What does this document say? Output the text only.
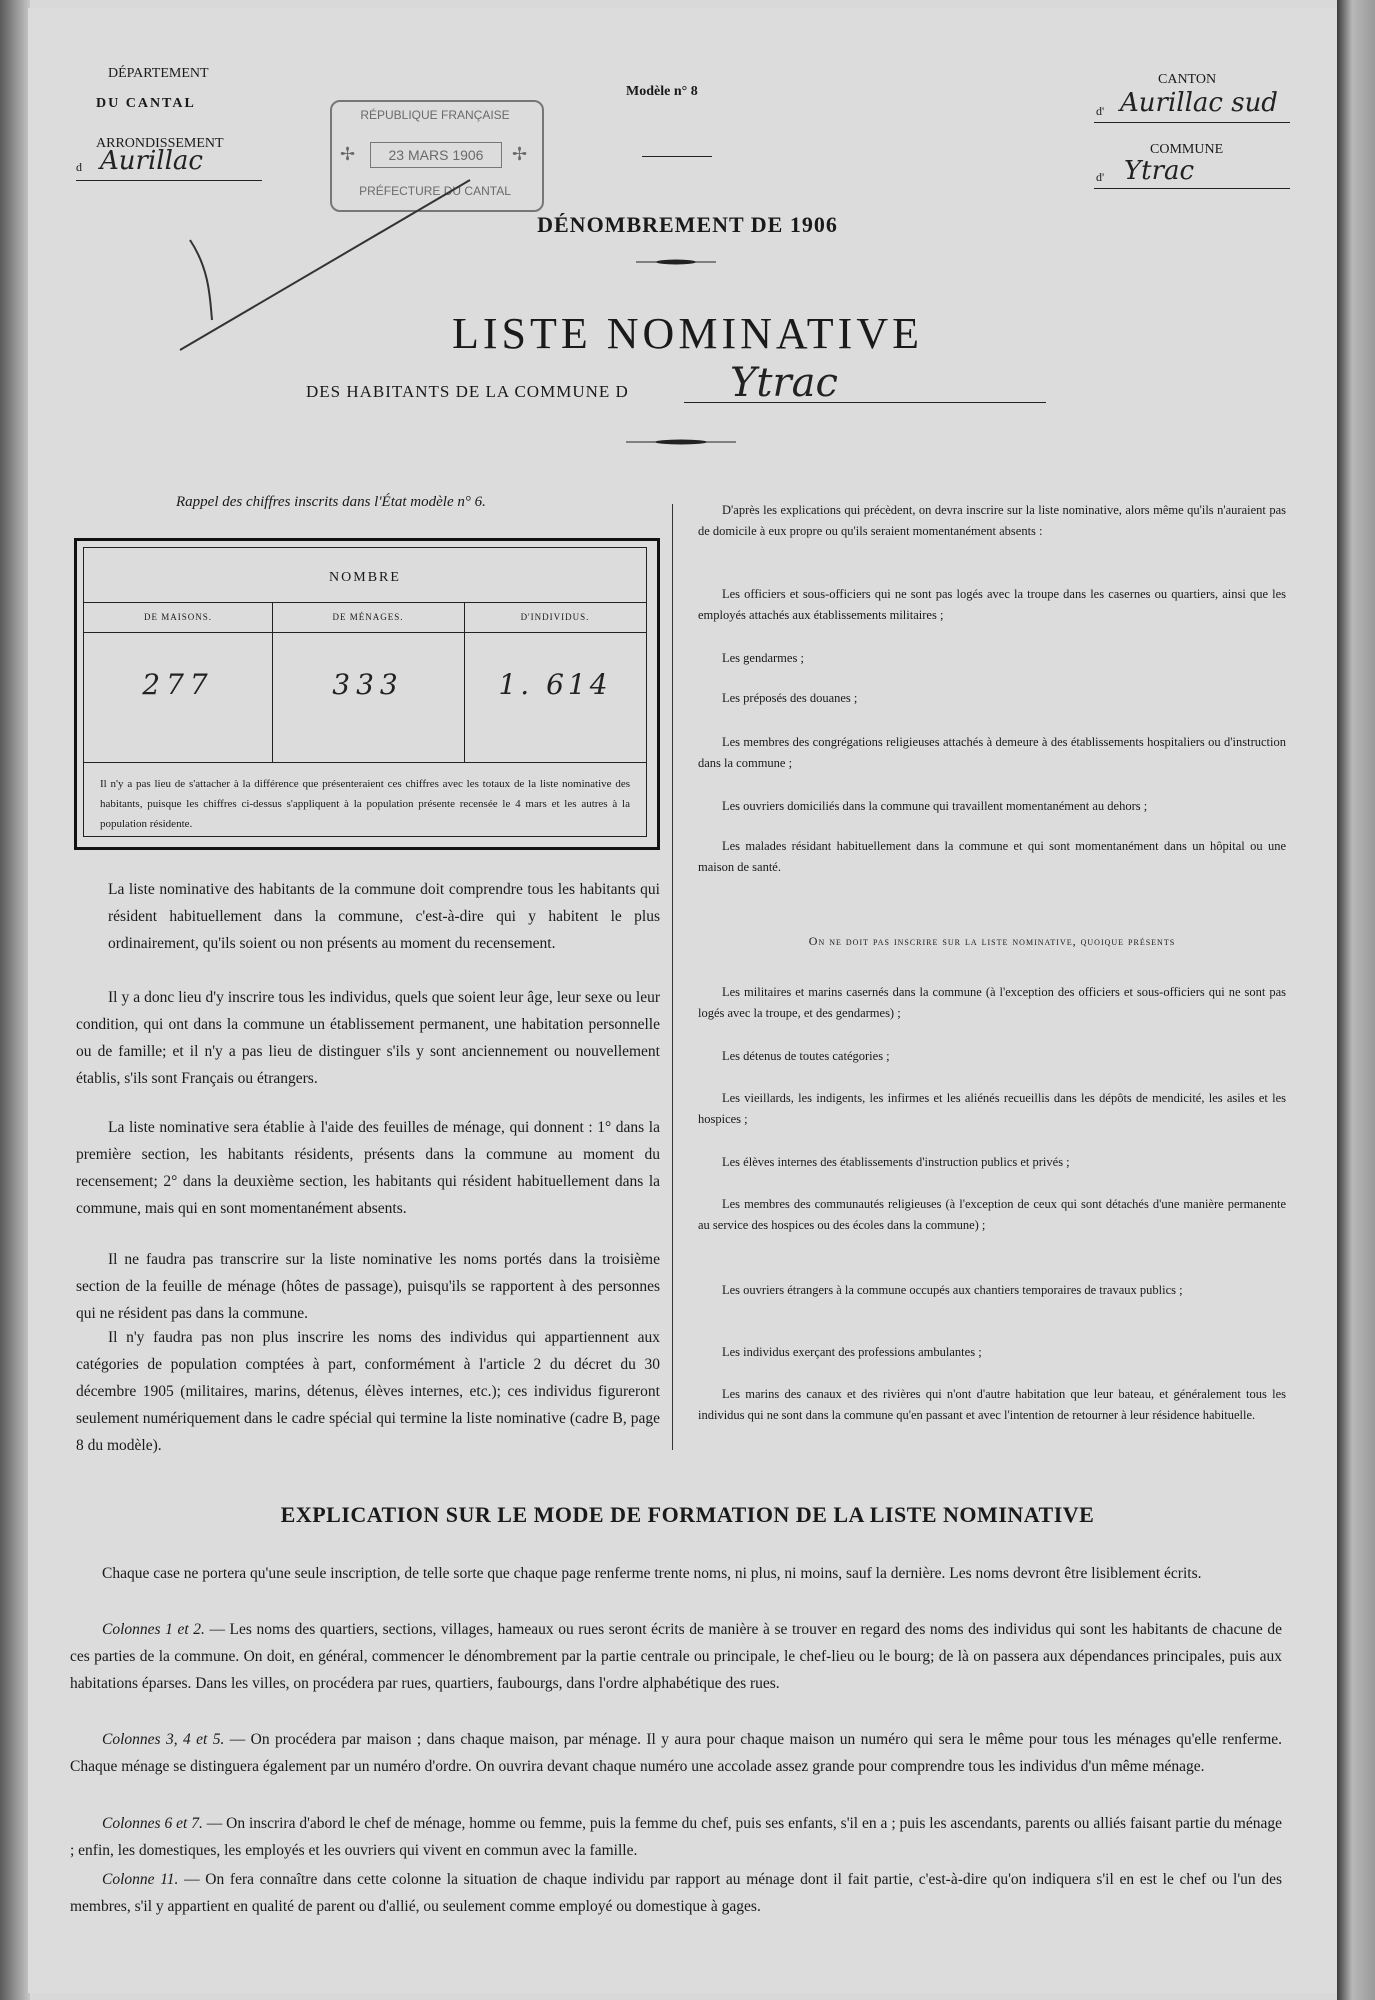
DÉPARTEMENT
DU CANTAL
ARRONDISSEMENT
d Aurillac
Modèle n° 8
CANTON
d' Aurillac sud
COMMUNE
d' Ytrac
RÉPUBLIQUE FRANÇAISE
✢	23 MARS 1906	✢
PRÉFECTURE DU CANTAL
DÉNOMBREMENT DE 1906
LISTE NOMINATIVE
DES HABITANTS DE LA COMMUNE D	Ytrac
Rappel des chiffres inscrits dans l'État modèle n° 6.
NOMBRE
DE MAISONS.	DE MÉNAGES.	D'INDIVIDUS.
277	333	1. 614
Il n'y a pas lieu de s'attacher à la différence que présenteraient ces chiffres avec les totaux de la liste nominative des habitants, puisque les chiffres ci-dessus s'appliquent à la population présente recensée le 4 mars et les autres à la population résidente.
La liste nominative des habitants de la commune doit comprendre tous les habitants qui résident habituellement dans la commune, c'est-à-dire qui y habitent le plus ordinairement, qu'ils soient ou non présents au moment du recensement.
Il y a donc lieu d'y inscrire tous les individus, quels que soient leur âge, leur sexe ou leur condition, qui ont dans la commune un établissement permanent, une habitation personnelle ou de famille; et il n'y a pas lieu de distinguer s'ils y sont anciennement ou nouvellement établis, s'ils sont Français ou étrangers.
La liste nominative sera établie à l'aide des feuilles de ménage, qui donnent : 1° dans la première section, les habitants résidents, présents dans la commune au moment du recensement; 2° dans la deuxième section, les habitants qui résident habituellement dans la commune, mais qui en sont momentanément absents.
Il ne faudra pas transcrire sur la liste nominative les noms portés dans la troisième section de la feuille de ménage (hôtes de passage), puisqu'ils se rapportent à des personnes qui ne résident pas dans la commune.
Il n'y faudra pas non plus inscrire les noms des individus qui appartiennent aux catégories de population comptées à part, conformément à l'article 2 du décret du 30 décembre 1905 (militaires, marins, détenus, élèves internes, etc.); ces individus figureront seulement numériquement dans le cadre spécial qui termine la liste nominative (cadre B, page 8 du modèle).
D'après les explications qui précèdent, on devra inscrire sur la liste nominative, alors même qu'ils n'auraient pas de domicile à eux propre ou qu'ils seraient momentanément absents :
Les officiers et sous-officiers qui ne sont pas logés avec la troupe dans les casernes ou quartiers, ainsi que les employés attachés aux établissements militaires ;
Les gendarmes ;
Les préposés des douanes ;
Les membres des congrégations religieuses attachés à demeure à des établissements hospitaliers ou d'instruction dans la commune ;
Les ouvriers domiciliés dans la commune qui travaillent momentanément au dehors ;
Les malades résidant habituellement dans la commune et qui sont momentanément dans un hôpital ou une maison de santé.
On ne doit pas inscrire sur la liste nominative, quoique présents
Les militaires et marins casernés dans la commune (à l'exception des officiers et sous-officiers qui ne sont pas logés avec la troupe, et des gendarmes) ;
Les détenus de toutes catégories ;
Les vieillards, les indigents, les infirmes et les aliénés recueillis dans les dépôts de mendicité, les asiles et les hospices ;
Les élèves internes des établissements d'instruction publics et privés ;
Les membres des communautés religieuses (à l'exception de ceux qui sont détachés d'une manière permanente au service des hospices ou des écoles dans la commune) ;
Les ouvriers étrangers à la commune occupés aux chantiers temporaires de travaux publics ;
Les individus exerçant des professions ambulantes ;
Les marins des canaux et des rivières qui n'ont d'autre habitation que leur bateau, et généralement tous les individus qui ne sont dans la commune qu'en passant et avec l'intention de retourner à leur résidence habituelle.
EXPLICATION SUR LE MODE DE FORMATION DE LA LISTE NOMINATIVE
Chaque case ne portera qu'une seule inscription, de telle sorte que chaque page renferme trente noms, ni plus, ni moins, sauf la dernière. Les noms devront être lisiblement écrits.
Colonnes 1 et 2. — Les noms des quartiers, sections, villages, hameaux ou rues seront écrits de manière à se trouver en regard des noms des individus qui sont les habitants de chacune de ces parties de la commune. On doit, en général, commencer le dénombrement par la partie centrale ou principale, le chef-lieu ou le bourg; de là on passera aux dépendances principales, puis aux habitations éparses. Dans les villes, on procédera par rues, quartiers, faubourgs, dans l'ordre alphabétique des rues.
Colonnes 3, 4 et 5. — On procédera par maison ; dans chaque maison, par ménage. Il y aura pour chaque maison un numéro qui sera le même pour tous les ménages qu'elle renferme. Chaque ménage se distinguera également par un numéro d'ordre. On ouvrira devant chaque numéro une accolade assez grande pour comprendre tous les individus d'un même ménage.
Colonnes 6 et 7. — On inscrira d'abord le chef de ménage, homme ou femme, puis la femme du chef, puis ses enfants, s'il en a ; puis les ascendants, parents ou alliés faisant partie du ménage ; enfin, les domestiques, les employés et les ouvriers qui vivent en commun avec la famille.
Colonne 11. — On fera connaître dans cette colonne la situation de chaque individu par rapport au ménage dont il fait partie, c'est-à-dire qu'on indiquera s'il en est le chef ou l'un des membres, s'il y appartient en qualité de parent ou d'allié, ou seulement comme employé ou domestique à gages.
